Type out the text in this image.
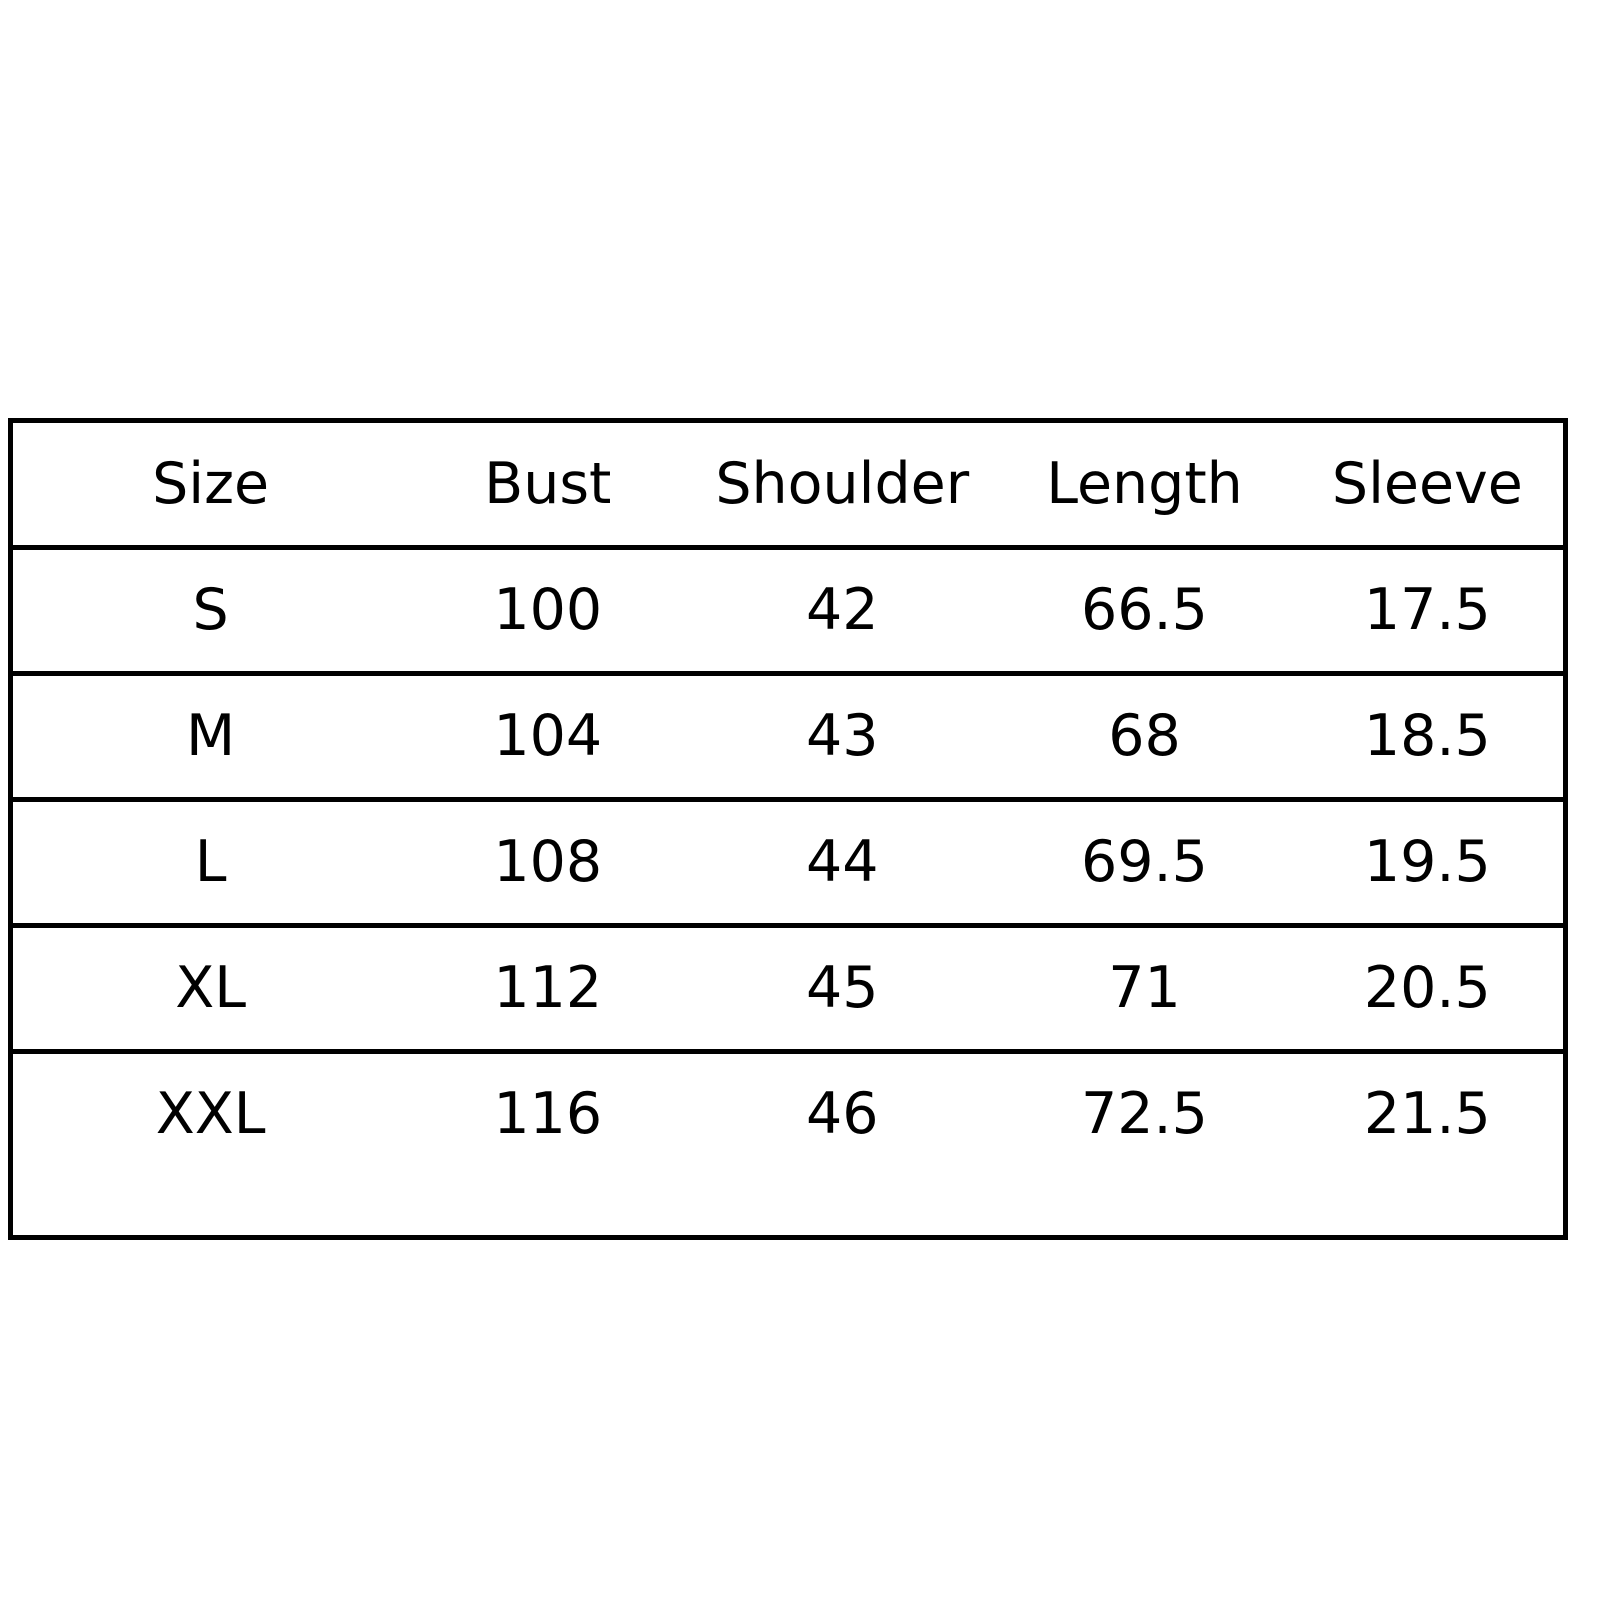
Size	Bust	Shoulder	Length	Sleeve
S	100	42	66.5	17.5
M	104	43	68	18.5
L	108	44	69.5	19.5
XL	112	45	71	20.5
XXL	116	46	72.5	21.5
